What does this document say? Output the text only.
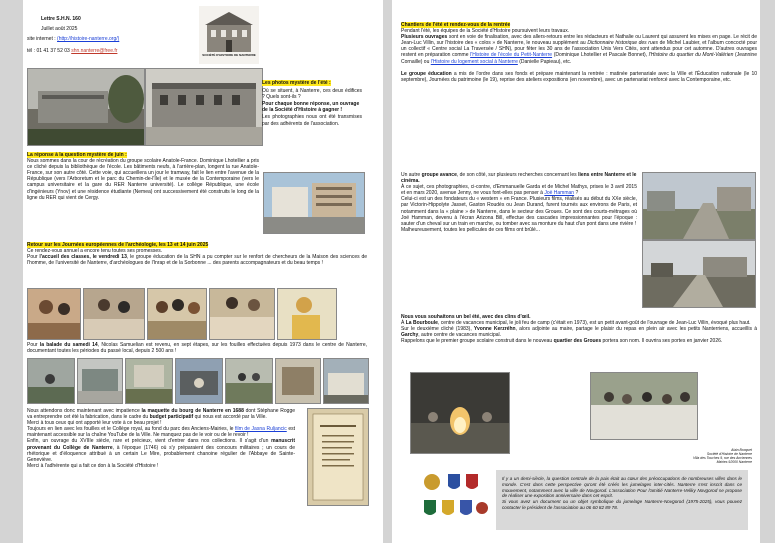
Lettre S.H.N. 160
Juillet août 2025
site internet : (http://histoire-nanterre.org/)
tél : 01 41 37 52 03 shn.nanterre@free.fr
SOCIÉTÉ D'HISTOIRE DE NANTERRE
Les photos mystère de l'été :
Où se situent, à Nanterre, ces deux édifices ? Quels sont-ils ?
Pour chaque bonne réponse, un ouvrage de la Société d'Histoire à gagner !
Les photographies nous ont été transmises par des adhérents de l'association.
La réponse à la question mystère de juin :
Nous sommes dans la cour de récréation du groupe scolaire Anatole-France. Dominique Lhotellier a pris ce cliché depuis la bibliothèque de l'école. Les bâtiments neufs, à l'arrière-plan, longent la rue Anatole-France, sur son autre côté. Cette voie, qui accueillera un jour le tramway, fait le lien entre l'avenue de la République (vers l'Arboretum et le parc du Chemin-de-l'Île) et le musée de la Contemporaine (vers le campus universitaire et la gare du RER Nanterre université). Le collège République, une école d'ingénieurs (Ynov) et une résidence étudiante (Nemea) ont successivement été construits le long de la ligne du RER qui vient de Cergy.
Retour sur les Journées européennes de l'archéologie, les 13 et 14 juin 2025
Ce rendez-vous annuel a encore tenu toutes ses promesses.
Pour l'accueil des classes, le vendredi 13, le groupe éducation de la SHN a pu compter sur le renfort de chercheurs de la Maison des sciences de l'homme, de l'université de Nanterre, d'archéologues de l'Inrap et de la Sorbonne ... des parents accompagnateurs et du beau temps !
Pour la balade du samedi 14, Nicolas Samuelian est revenu, en sept étapes, sur les fouilles effectuées depuis 1973 dans le centre de Nanterre, documentant toutes les périodes du passé local, depuis 2 500 ans !
Nous attendons donc maintenant avec impatience la maquette du bourg de Nanterre en 1688 dont Stéphane Rogge va entreprendre cet été la fabrication, dans le cadre du budget participatif qui nous est accordé par la Ville.
Merci à tous ceux qui ont apporté leur vote à ce beau projet !
Toujours en lien avec les fouilles et le Collège royal, au fond du parc des Anciens-Mairies, le film de Jasna Ruljancic est maintenant accessible sur la chaîne YouTube de la Ville. Ne manquez pas de le voir ou de le revoir !
Enfin, un ouvrage du XVIIIe siècle, rare et précieux, vient d'entrer dans nos collections. Il s'agit d'un manuscrit provenant du Collège de Nanterre, à l'époque (1746) où s'y préparaient des concours militaires ; un cours de rhétorique et d'éloquence attribué à un certain Le Mire, probablement chanoine régulier de l'Abbaye de Sainte-Geneviève.
Merci à l'adhérente qui a fait ce don à la Société d'Histoire !
Chantiers de l'été et rendez-vous de la rentrée
Pendant l'été, les équipes de la Société d'Histoire poursuivent leurs travaux.
Plusieurs ouvrages sont en voie de finalisation, avec des allers-retours entre les rédacteurs et Nathalie ou Laurent qui assurent les mises en page. Le récit de Jean-Luc Villin, sur l'histoire des « colos » de Nanterre, le nouveau supplément au Dictionnaire historique des rues de Michel Laubier, et l'album concocté pour un collectif « Centre social La Traversée / SHN), pour fêter les 30 ans de l'association Unis Vers Cités, sont attendus pour cet automne. D'autres ouvrages restent en préparation comme l'Histoire de l'école du Petit-Nanterre (Dominique Lhotellier et Pascale Bonnet), l'Histoire du quartier du Mont-Valérien (Jeannine Cornaille) ou l'Histoire du logement social à Nanterre (Danielle Papieau), etc.
Le groupe éducation a mis de l'ordre dans ses fonds et prépare maintenant la rentrée : matinée partenariale avec la Ville et l'Éducation nationale (le 10 septembre), Journées du patrimoine (le 19), reprise des ateliers expositions (en novembre), avec un partenariat renforcé avec la Contemporaine, etc.
Un autre groupe avance, de son côté, sur plusieurs recherches concernant les liens entre Nanterre et le cinéma.
À ce sujet, ces photographies, ci-contre, d'Emmanuelle Garda et de Michel Mathys, prises le 3 avril 2015 et en mars 2020, avenue Jenny, ne vous font-elles pas penser à Joë Hamman ?
Celui-ci est un des fondateurs du « western » en France. Plusieurs films, réalisés au début du XXe siècle, par Victorin-Hippolyte Jasset, Gaston Roudès ou Jean Durand, furent tournés aux environs de Paris, et notamment dans la « plaine » de Nanterre, dans le secteur des Groues. Ce sont des courts-métrages où Joë Hamman, devenu à l'écran Arizona Bill, effectue des cascades impressionnantes pour l'époque : sauter d'un cheval sur un train en marche, ou tomber avec sa monture du haut d'un pont dans une rivière !
Malheureusement, toutes les pellicules de ces films ont brûlé...
Nous vous souhaitons un bel été, avec des clins d'œil.
À La Bourboule, centre de vacances municipal, le joli feu de camp (c'était en 1973), est un petit avant-goût de l'ouvrage de Jean-Luc Villin, évoqué plus haut.
Sur le deuxième cliché (1983), Yvonne Kerzréhn, alors adjointe au maire, partage le plaisir du repas en plein air avec les petits Nanterriens, accueillis à Garchy, autre centre de vacances municipal.
Rappelons que le premier groupe scolaire construit dans le nouveau quartier des Groues portera son nom. Il ouvrira ses portes en janvier 2026.
Alain Bocquet
Société d'Histoire de Nanterre
Villa des Touches 9, rue des Anciennes
Mairies 92000 Nanterre
Il y a un demi-siècle, la question centrale de la paix était au cœur des préoccupations de nombreuses villes dans le monde. C'est dans cette perspective qu'ont été créés les jumelages inter-cités. Nanterre s'est inscrit dans ce mouvement, notamment avec la ville de Novgorod. L'association Pour l'amitié Nanterre-Veliky Novgorod se propose de réaliser une exposition anniversaire dans cet esprit.
Si vous avez un document ou un objet symbolique du jumelage Nanterre-Novgorod (1975-2025), vous pouvez contacter le président de l'association au 06 60 82 89 78.
